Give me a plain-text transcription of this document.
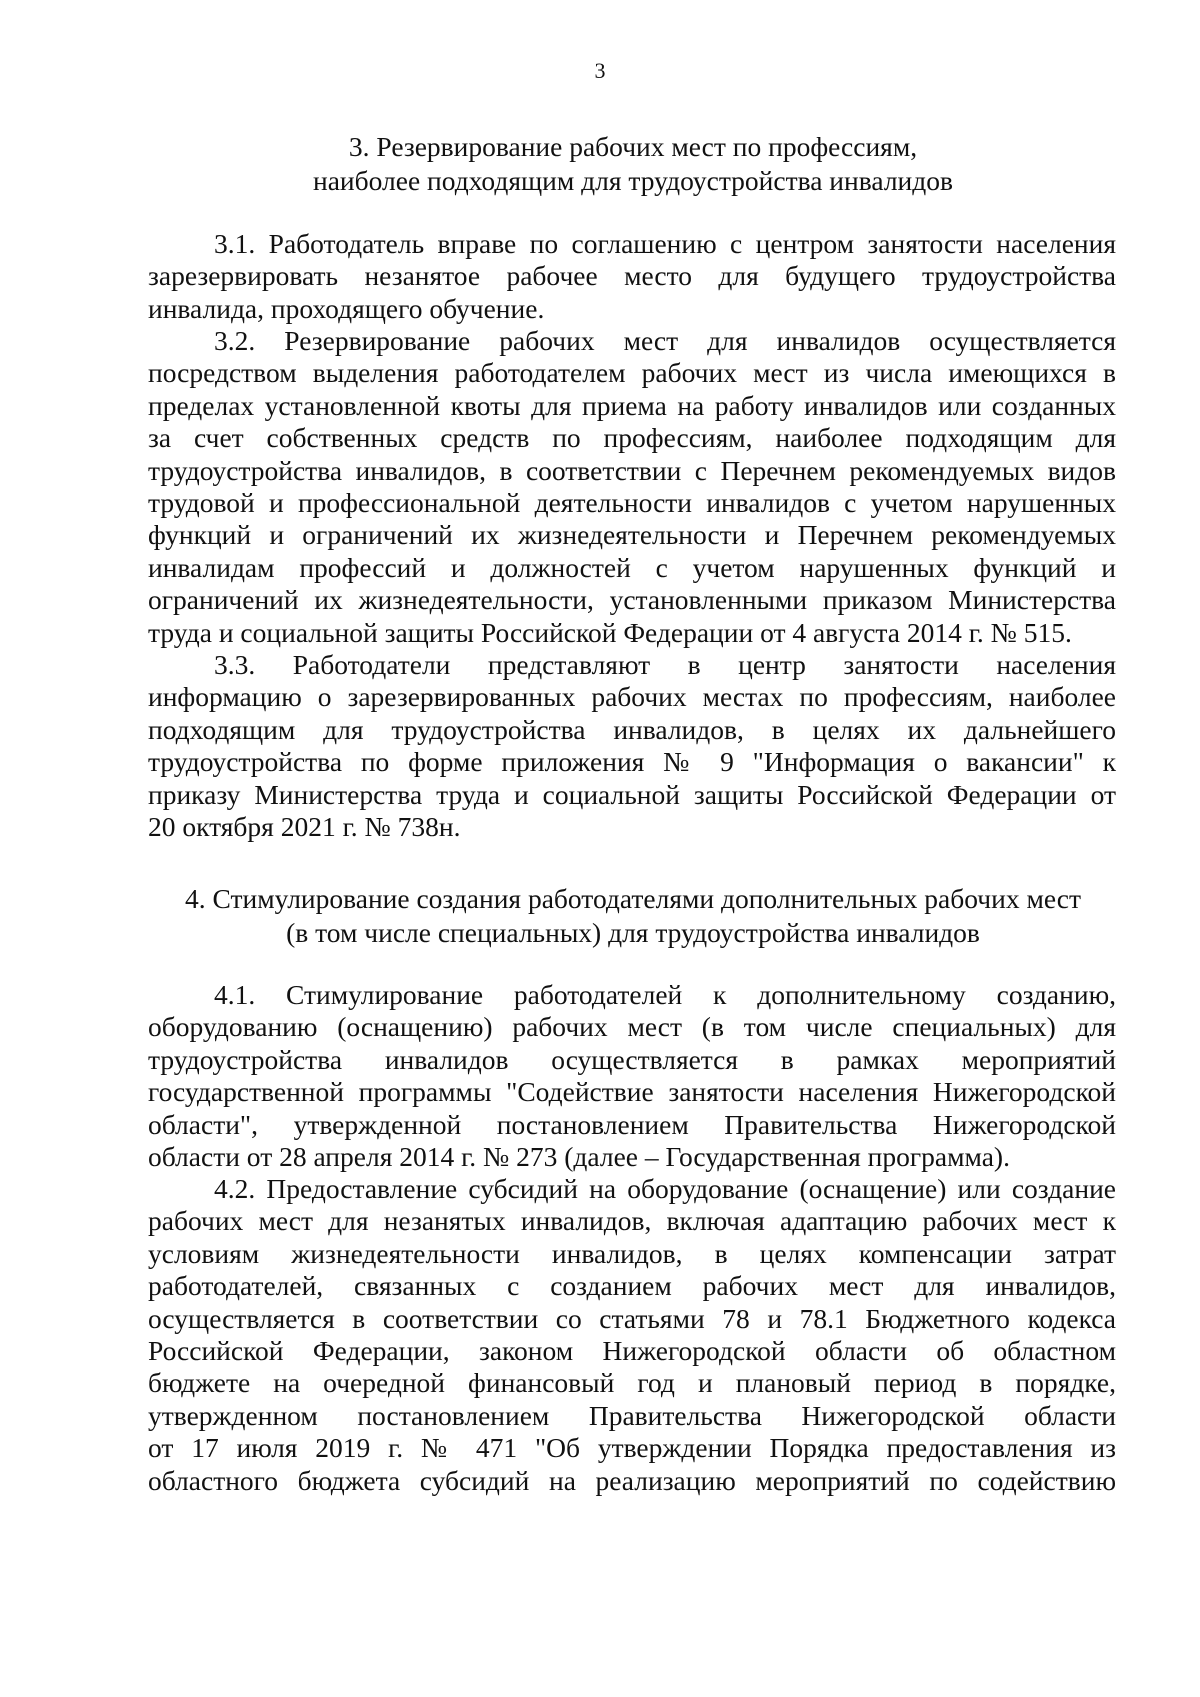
3
3. Резервирование рабочих мест по профессиям,
наиболее подходящим для трудоустройства инвалидов
3.1. Работодатель вправе по соглашению с центром занятости населения
зарезервировать незанятое рабочее место для будущего трудоустройства
инвалида, проходящего обучение.
3.2. Резервирование рабочих мест для инвалидов осуществляется
посредством выделения работодателем рабочих мест из числа имеющихся в
пределах установленной квоты для приема на работу инвалидов или созданных
за счет собственных средств по профессиям, наиболее подходящим для
трудоустройства инвалидов, в соответствии с Перечнем рекомендуемых видов
трудовой и профессиональной деятельности инвалидов с учетом нарушенных
функций и ограничений их жизнедеятельности и Перечнем рекомендуемых
инвалидам профессий и должностей с учетом нарушенных функций и
ограничений их жизнедеятельности, установленными приказом Министерства
труда и социальной защиты Российской Федерации от 4 августа 2014 г. № 515.
3.3. Работодатели представляют в центр занятости населения
информацию о зарезервированных рабочих местах по профессиям, наиболее
подходящим для трудоустройства инвалидов, в целях их дальнейшего
трудоустройства по форме приложения № 9 "Информация о вакансии" к
приказу Министерства труда и социальной защиты Российской Федерации от
20 октября 2021 г. № 738н.
4. Стимулирование создания работодателями дополнительных рабочих мест
(в том числе специальных) для трудоустройства инвалидов
4.1. Стимулирование работодателей к дополнительному созданию,
оборудованию (оснащению) рабочих мест (в том числе специальных) для
трудоустройства инвалидов осуществляется в рамках мероприятий
государственной программы "Содействие занятости населения Нижегородской
области", утвержденной постановлением Правительства Нижегородской
области от 28 апреля 2014 г. № 273 (далее – Государственная программа).
4.2. Предоставление субсидий на оборудование (оснащение) или создание
рабочих мест для незанятых инвалидов, включая адаптацию рабочих мест к
условиям жизнедеятельности инвалидов, в целях компенсации затрат
работодателей, связанных с созданием рабочих мест для инвалидов,
осуществляется в соответствии со статьями 78 и 78.1 Бюджетного кодекса
Российской Федерации, законом Нижегородской области об областном
бюджете на очередной финансовый год и плановый период в порядке,
утвержденном постановлением Правительства Нижегородской области
от 17 июля 2019 г. № 471 "Об утверждении Порядка предоставления из
областного бюджета субсидий на реализацию мероприятий по содействию
